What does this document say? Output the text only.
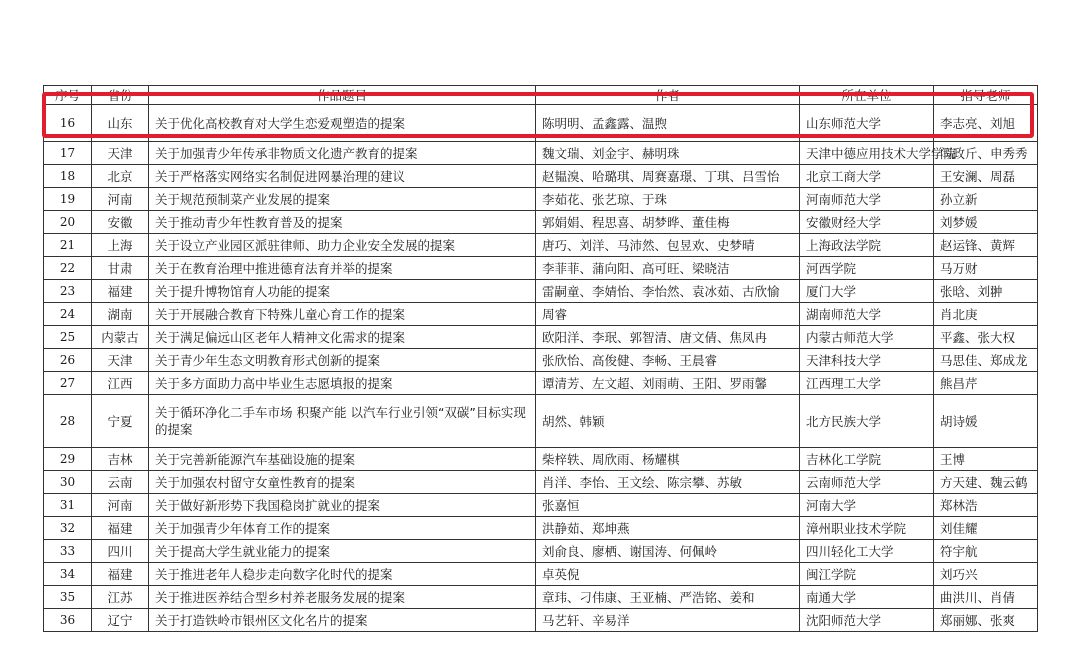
序号	省份	作品题目	作者	所在单位	指导老师
16	山东	关于优化高校教育对大学生恋爱观塑造的提案	陈明明、孟鑫露、温煦	山东师范大学	李志亮、刘旭
17	天津	关于加强青少年传承非物质文化遗产教育的提案	魏文瑞、刘金宇、赫明珠	天津中德应用技术大学学院	闫政斤、申秀秀
18	北京	关于严格落实网络实名制促进网暴治理的建议	赵韫溴、哈璐琪、周赛嘉璟、丁琪、吕雪怡	北京工商大学	王安澜、周磊
19	河南	关于规范预制菜产业发展的提案	李茹花、张艺琼、于珠	河南师范大学	孙立新
20	安徽	关于推动青少年性教育普及的提案	郭娟娟、程思喜、胡梦晔、董佳梅	安徽财经大学	刘梦媛
21	上海	关于设立产业园区派驻律师、助力企业安全发展的提案	唐巧、刘洋、马沛然、包昱欢、史梦晴	上海政法学院	赵运锋、黄辉
22	甘肃	关于在教育治理中推进德育法育并举的提案	李菲菲、蒲向阳、高可旺、梁晓洁	河西学院	马万财
23	福建	关于提升博物馆育人功能的提案	雷嗣童、李婧怡、李怡然、袁冰茹、古欣愉	厦门大学	张晗、刘翀
24	湖南	关于开展融合教育下特殊儿童心育工作的提案	周睿	湖南师范大学	肖北庚
25	内蒙古	关于满足偏远山区老年人精神文化需求的提案	欧阳洋、李珉、郭智清、唐文倩、焦凤冉	内蒙古师范大学	平鑫、张大权
26	天津	关于青少年生态文明教育形式创新的提案	张欣怡、高俊健、李畅、王晨睿	天津科技大学	马思佳、郑成龙
27	江西	关于多方面助力高中毕业生志愿填报的提案	谭清芳、左文超、刘雨萌、王阳、罗雨馨	江西理工大学	熊昌芹
28	宁夏	关于循环净化二手车市场 积聚产能 以汽车行业引领“双碳”目标实现的提案	胡然、韩颖	北方民族大学	胡诗媛
29	吉林	关于完善新能源汽车基础设施的提案	柴梓轶、周欣雨、杨耀棋	吉林化工学院	王博
30	云南	关于加强农村留守女童性教育的提案	肖洋、李怡、王文绘、陈宗攀、苏敏	云南师范大学	方天建、魏云鹤
31	河南	关于做好新形势下我国稳岗扩就业的提案	张嘉恒	河南大学	郑林浩
32	福建	关于加强青少年体育工作的提案	洪静茹、郑坤燕	漳州职业技术学院	刘佳耀
33	四川	关于提高大学生就业能力的提案	刘俞良、廖栖、谢国涛、何佩岭	四川轻化工大学	符宇航
34	福建	关于推进老年人稳步走向数字化时代的提案	卓英倪	闽江学院	刘巧兴
35	江苏	关于推进医养结合型乡村养老服务发展的提案	章玮、刁伟康、王亚楠、严浩铭、姜和	南通大学	曲洪川、肖倩
36	辽宁	关于打造铁岭市银州区文化名片的提案	马艺轩、辛易洋	沈阳师范大学	郑丽娜、张爽
